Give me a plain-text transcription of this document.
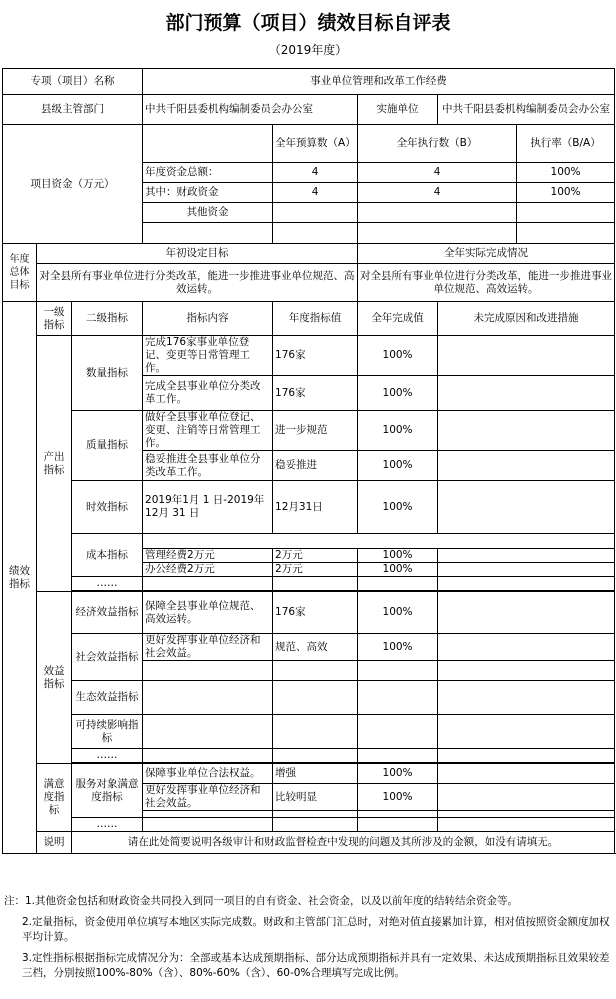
部门预算（项目）绩效目标自评表
（2019年度）
专项（项目）名称			事业单位管理和改革工作经费				
县级主管部门			中共千阳县委机构编制委员会办公室		实施单位	中共千阳县委机构编制委员会办公室	
项目资金（万元）				全年预算数（A）	全年执行数（B）		执行率（B/A）
			年度资金总额：	4	4		100%
			其中：财政资金	4	4		100%
			其他资金				

年度总体目标	年初设定目标				全年实际完成情况		
	对全县所有事业单位进行分类改革，能进一步推进事业单位规范、高效运转。				对全县所有事业单位进行分类改革，能进一步推进事业单位规范、高效运转。		
绩效指标	一级指标	二级指标	指标内容	年度指标值	全年完成值	未完成原因和改进措施	
	产出指标	数量指标	完成176家事业单位登记、变更等日常管理工作。	176家	100%		
			完成全县事业单位分类改革工作。	176家	100%		
		质量指标	做好全县事业单位登记、变更、注销等日常管理工作。	进一步规范	100%		
			稳妥推进全县事业单位分类改革工作。	稳妥推进	100%		
		时效指标	2019年1月 1 日-2019年12月 31 日	12月31日	100%		
		成本指标					
			管理经费2万元	2万元	100%		
			办公经费2万元	2万元	100%		
		……					

	效益指标	经济效益指标	保障全县事业单位规范、高效运转。	176家	100%		
		社会效益指标	更好发挥事业单位经济和社会效益。	规范、高效	100%		

		生态效益指标					
		可持续影响指标					
		……					

	满意度指标	服务对象满意度指标	保障事业单位合法权益。	增强	100%		
			更好发挥事业单位经济和社会效益。	比较明显	100%		

		……					
	说明	请在此处简要说明各级审计和财政监督检查中发现的问题及其所涉及的金额，如没有请填无。					

注：1.其他资金包括和财政资金共同投入到同一项目的自有资金、社会资金，以及以前年度的结转结余资金等。

2.定量指标，资金使用单位填写本地区实际完成数。财政和主管部门汇总时，对绝对值直接累加计算，相对值按照资金额度加权平均计算。

3.定性指标根据指标完成情况分为：全部或基本达成预期指标、部分达成预期指标并具有一定效果、未达成预期指标且效果较差三档，分别按照100%-80%（含）、80%-60%（含）、60-0%合理填写完成比例。
